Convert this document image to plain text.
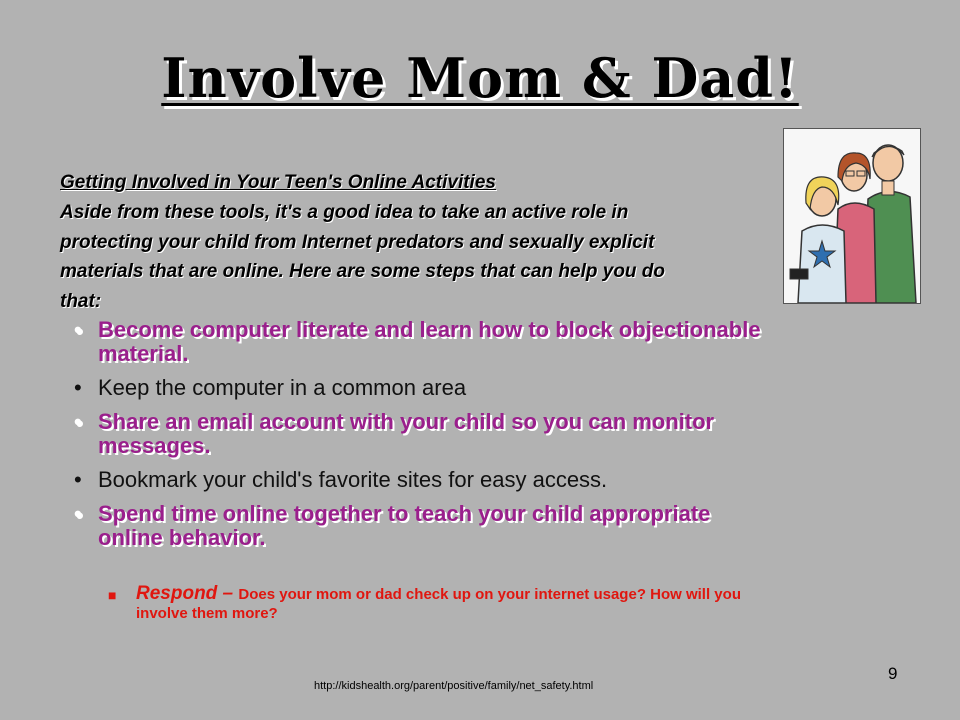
Involve Mom & Dad!
Getting Involved in Your Teen's Online Activities
Aside from these tools, it's a good idea to take an active role in
protecting your child from Internet predators and sexually explicit
materials that are online. Here are some steps that can help you do
that:
• Become computer literate and learn how to block objectionable
material.
• Keep the computer in a common area
• Share an email account with your child so you can monitor
messages.
• Bookmark your child's favorite sites for easy access.
• Spend time online together to teach your child appropriate
online behavior.
■	Respond – Does your mom or dad check up on your internet usage? How will you
involve them more?
http://kidshealth.org/parent/positive/family/net_safety.html
9
